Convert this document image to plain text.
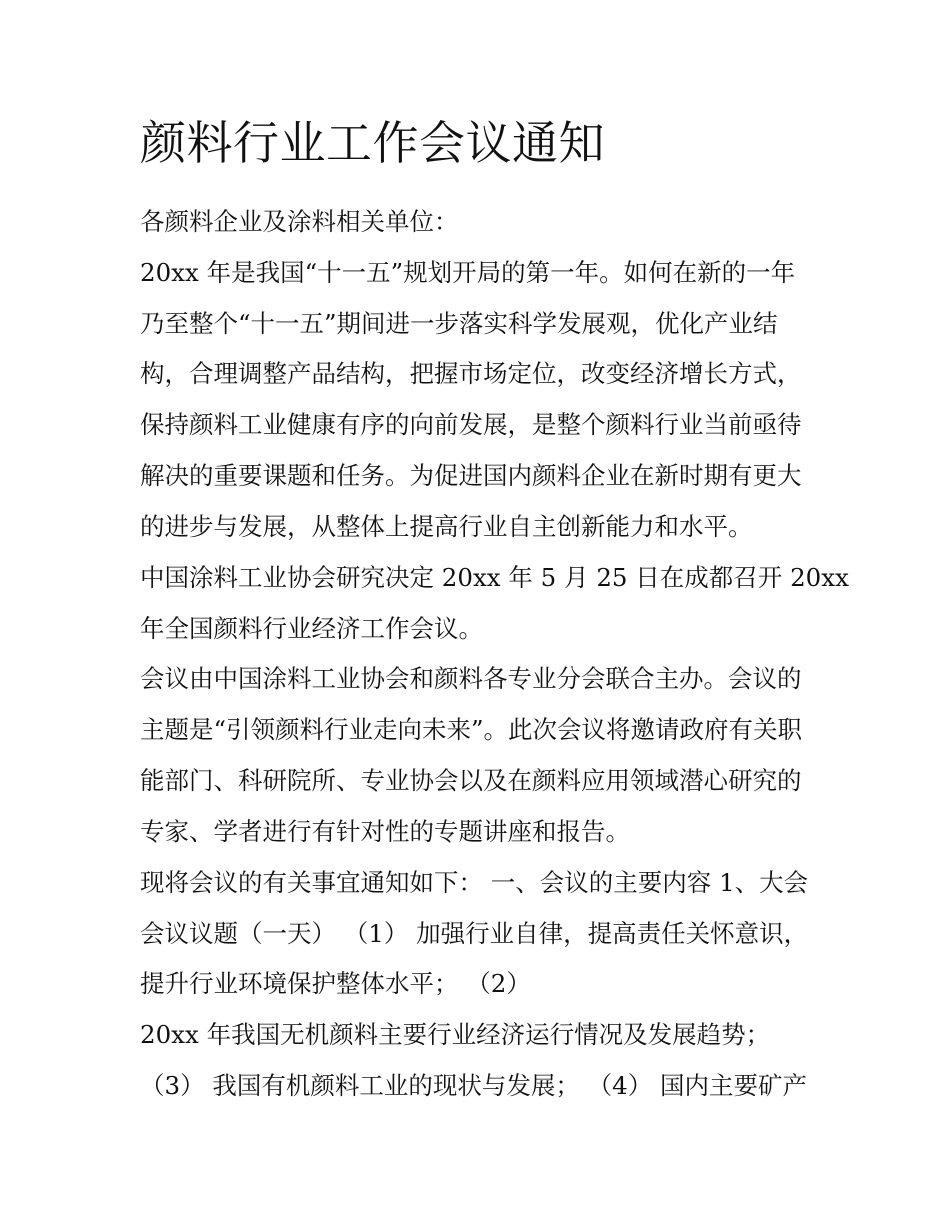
颜料行业工作会议通知
各颜料企业及涂料相关单位：
20xx 年是我国“十一五”规划开局的第一年。如何在新的一年
乃至整个“十一五”期间进一步落实科学发展观，优化产业结
构，合理调整产品结构，把握市场定位，改变经济增长方式，
保持颜料工业健康有序的向前发展，是整个颜料行业当前亟待
解决的重要课题和任务。为促进国内颜料企业在新时期有更大
的进步与发展，从整体上提高行业自主创新能力和水平。
中国涂料工业协会研究决定 20xx 年 5 月 25 日在成都召开 20xx
年全国颜料行业经济工作会议。
会议由中国涂料工业协会和颜料各专业分会联合主办。会议的
主题是“引领颜料行业走向未来”。此次会议将邀请政府有关职
能部门、科研院所、专业协会以及在颜料应用领域潜心研究的
专家、学者进行有针对性的专题讲座和报告。
现将会议的有关事宜通知如下： 一、会议的主要内容 1、大会
会议议题（一天） （1） 加强行业自律，提高责任关怀意识，
提升行业环境保护整体水平； （2）
20xx 年我国无机颜料主要行业经济运行情况及发展趋势；
（3） 我国有机颜料工业的现状与发展； （4） 国内主要矿产
